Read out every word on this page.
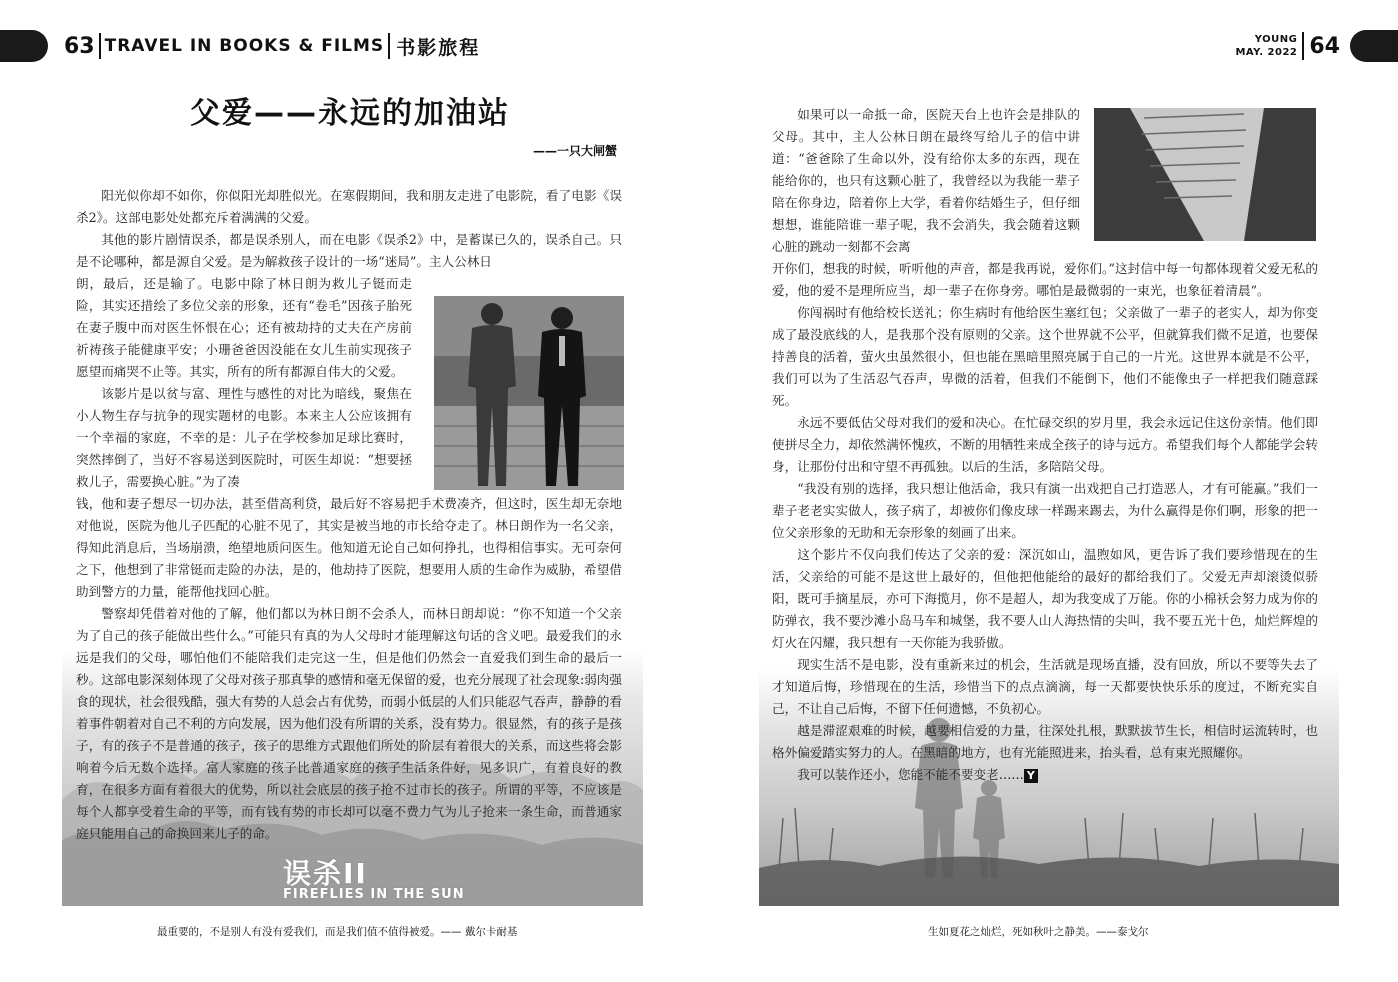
63 TRAVEL IN BOOKS & FILMS 书影旅程
父爱——永远的加油站
——一只大闸蟹
误杀II
FIREFLIES IN THE SUN

阳光似你却不如你，你似阳光却胜似光。在寒假期间，我和朋友走进了电影院，看了电影《误杀2》。这部电影处处都充斥着满满的父爱。

其他的影片剧情误杀，都是误杀别人，而在电影《误杀2》中，是蓄谋已久的，误杀自己。只是不论哪种，都是源自父爱。是为解救孩子设计的一场“迷局”。主人公林日

朗，最后，还是输了。电影中除了林日朗为救儿子铤而走险，其实还措绘了多位父亲的形象，还有“卷毛”因孩子胎死在妻子腹中而对医生怀恨在心；还有被劫持的丈夫在产房前祈祷孩子能健康平安；小珊爸爸因没能在女儿生前实现孩子愿望而痛哭不止等。其实，所有的所有都源自伟大的父爱。

该影片是以贫与富、理性与感性的对比为暗线，聚焦在小人物生存与抗争的现实题材的电影。本来主人公应该拥有一个幸福的家庭，不幸的是：儿子在学校参加足球比赛时，突然摔倒了，当好不容易送到医院时，可医生却说：“想要拯救儿子，需要换心脏。”为了凑

钱，他和妻子想尽一切办法，甚至借高利贷，最后好不容易把手术费凑齐，但这时，医生却无奈地对他说，医院为他儿子匹配的心脏不见了，其实是被当地的市长给夺走了。林日朗作为一名父亲，得知此消息后，当场崩溃，绝望地质问医生。他知道无论自己如何挣扎，也得相信事实。无可奈何之下，他想到了非常铤而走险的办法，是的，他劫持了医院，想要用人质的生命作为威胁，希望借助到警方的力量，能帮他找回心脏。

警察却凭借着对他的了解，他们都以为林日朗不会杀人，而林日朗却说：“你不知道一个父亲为了自己的孩子能做出些什么。”可能只有真的为人父母时才能理解这句话的含义吧。最爱我们的永远是我们的父母，哪怕他们不能陪我们走完这一生，但是他们仍然会一直爱我们到生命的最后一秒。这部电影深刻体现了父母对孩子那真挚的感情和毫无保留的爱，也充分展现了社会现象:弱肉强食的现状，社会很残酷，强大有势的人总会占有优势，而弱小低层的人们只能忍气吞声，静静的看着事件朝着对自己不利的方向发展，因为他们没有所谓的关系，没有势力。很显然，有的孩子是孩子，有的孩子不是普通的孩子，孩子的思维方式跟他们所处的阶层有着很大的关系，而这些将会影响着今后无数个选择。富人家庭的孩子比普通家庭的孩子生活条件好，见多识广，有着良好的教育，在很多方面有着很大的优势，所以社会底层的孩子抢不过市长的孩子。所谓的平等，不应该是每个人都享受着生命的平等，而有钱有势的市长却可以毫不费力气为儿子抢来一条生命，而普通家庭只能用自己的命换回来儿子的命。

最重要的，不是别人有没有爱我们，而是我们值不值得被爱。—— 戴尔卡耐基
YOUNG
MAY. 2022 64

如果可以一命抵一命，医院天台上也许会是排队的父母。其中，主人公林日朗在最终写给儿子的信中讲道：“爸爸除了生命以外，没有给你太多的东西，现在能给你的，也只有这颗心脏了，我曾经以为我能一辈子陪在你身边，陪着你上大学，看着你结婚生子，但仔细想想，谁能陪谁一辈子呢，我不会消失，我会随着这颗心脏的跳动一刻都不会离

开你们，想我的时候，听听他的声音，都是我再说，爱你们。”这封信中每一句都体现着父爱无私的爱，他的爱不是理所应当，却一辈子在你身旁。哪怕是最微弱的一束光，也象征着清晨”。

你闯祸时有他给校长送礼；你生病时有他给医生塞红包；父亲做了一辈子的老实人，却为你变成了最没底线的人，是我那个没有原则的父亲。这个世界就不公平，但就算我们微不足道，也要保持善良的活着，萤火虫虽然很小，但也能在黑暗里照亮属于自己的一片光。这世界本就是不公平，我们可以为了生活忍气吞声，卑微的活着，但我们不能倒下，他们不能像虫子一样把我们随意踩死。

永远不要低估父母对我们的爱和决心。在忙碌交织的岁月里，我会永远记住这份亲情。他们即使拼尽全力，却依然满怀愧疚，不断的用牺牲来成全孩子的诗与远方。希望我们每个人都能学会转身，让那份付出和守望不再孤独。以后的生活，多陪陪父母。

“我没有别的选择，我只想让他活命，我只有演一出戏把自己打造恶人，才有可能赢。”我们一辈子老老实实做人，孩子病了，却被你们像皮球一样踢来踢去，为什么赢得是你们啊，形象的把一位父亲形象的无助和无奈形象的刻画了出来。

这个影片不仅向我们传达了父亲的爱：深沉如山，温煦如风，更告诉了我们要珍惜现在的生活，父亲给的可能不是这世上最好的，但他把他能给的最好的都给我们了。父爱无声却滚烫似骄阳，既可手摘星辰，亦可下海揽月，你不是超人，却为我变成了万能。你的小棉袄会努力成为你的防弹衣，我不要沙滩小岛马车和城堡，我不要人山人海热情的尖叫，我不要五光十色，灿烂辉煌的灯火在闪耀，我只想有一天你能为我骄傲。

现实生活不是电影，没有重新来过的机会，生活就是现场直播，没有回放，所以不要等失去了才知道后悔，珍惜现在的生活，珍惜当下的点点滴滴，每一天都要快快乐乐的度过，不断充实自己，不让自己后悔，不留下任何遗憾，不负初心。

越是滞涩艰难的时候，越要相信爱的力量，往深处扎根，默默拔节生长，相信时运流转时，也格外偏爱踏实努力的人。在黑暗的地方，也有光能照进来，抬头看，总有束光照耀你。

我可以装作还小，您能不能不要变老…… Y

生如夏花之灿烂，死如秋叶之静美。——泰戈尔
